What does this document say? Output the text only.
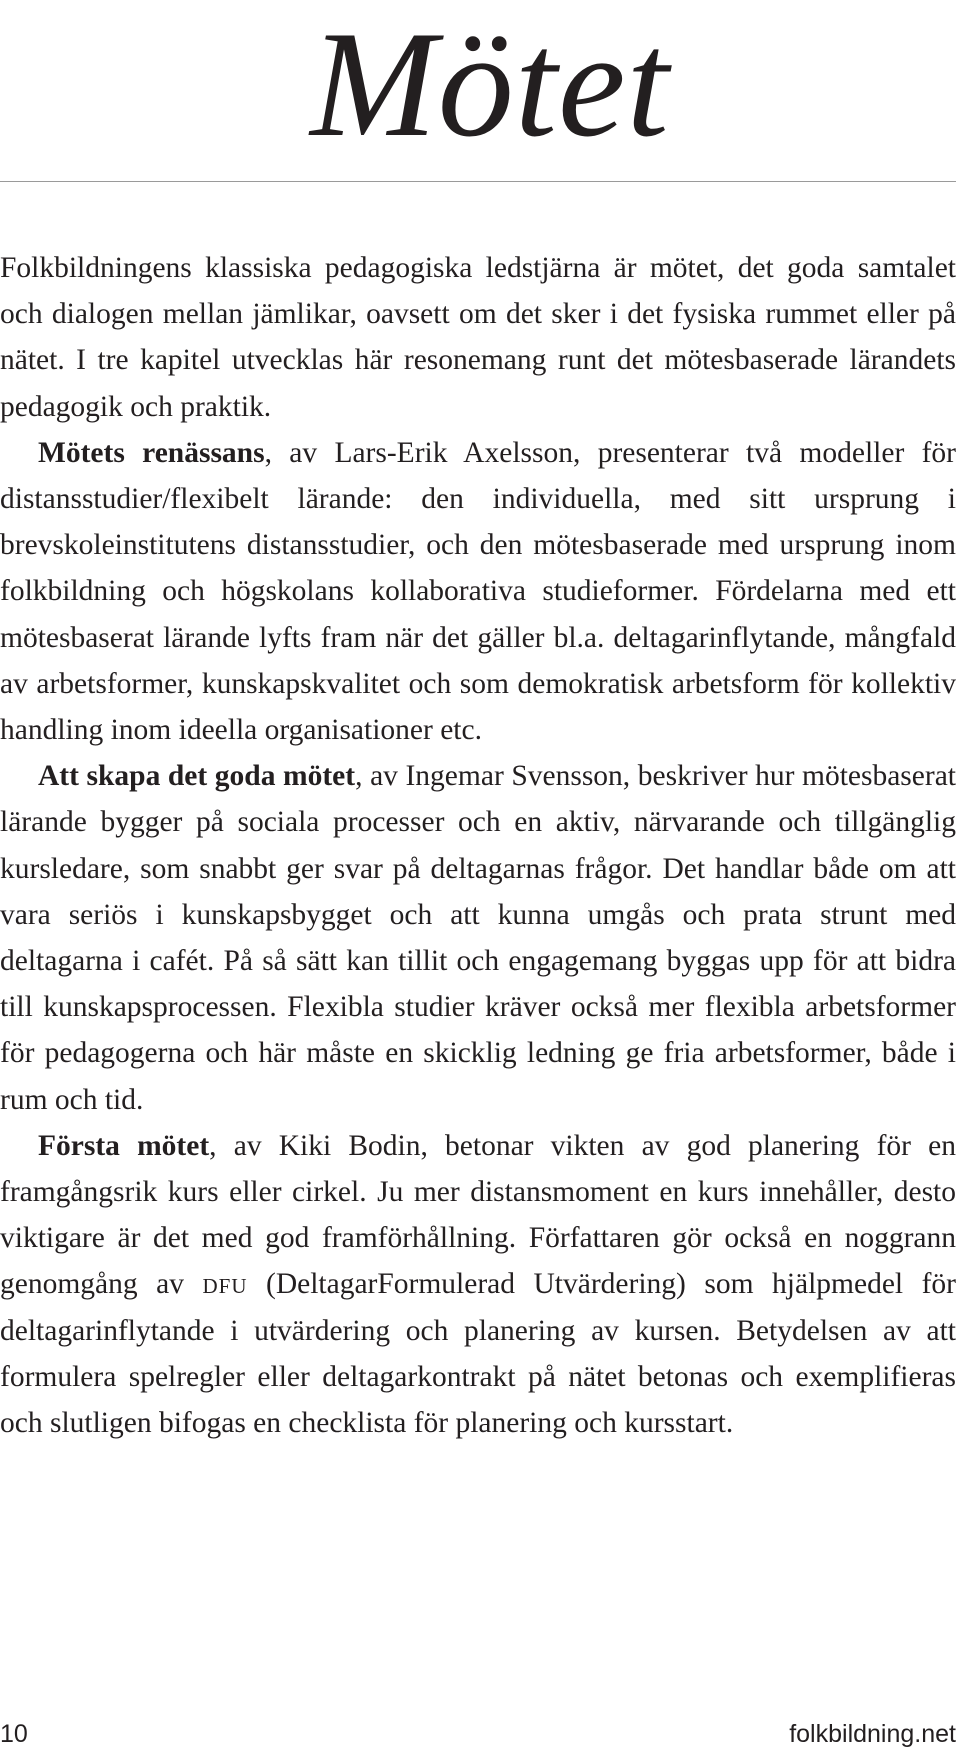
Mötet

Folkbildningens klassiska pedagogiska ledstjärna är mötet, det goda samtalet och dialogen mellan jämlikar, oavsett om det sker i det fysiska rummet eller på nätet. I tre kapitel utvecklas här resonemang runt det mötesbaserade lärandets pedagogik och praktik.

Mötets renässans, av Lars-Erik Axelsson, presenterar två modeller för distansstudier/flexibelt lärande: den individuella, med sitt ursprung i brevskoleinstitutens distansstudier, och den mötesbaserade med ursprung inom folkbildning och högskolans kollaborativa studieformer. Fördelarna med ett mötesbaserat lärande lyfts fram när det gäller bl.a. deltagarinflytande, mångfald av arbetsformer, kunskapskvalitet och som demokratisk arbetsform för kollektiv handling inom ideella organisationer etc.

Att skapa det goda mötet, av Ingemar Svensson, beskriver hur mötesbaserat lärande bygger på sociala processer och en aktiv, närvarande och tillgänglig kursledare, som snabbt ger svar på deltagarnas frågor. Det handlar både om att vara seriös i kunskapsbygget och att kunna umgås och prata strunt med deltagarna i cafét. På så sätt kan tillit och engagemang byggas upp för att bidra till kunskapsprocessen. Flexibla studier kräver också mer flexibla arbetsformer för pedagogerna och här måste en skicklig ledning ge fria arbetsformer, både i rum och tid.

Första mötet, av Kiki Bodin, betonar vikten av god planering för en framgångsrik kurs eller cirkel. Ju mer distansmoment en kurs innehåller, desto viktigare är det med god framförhållning. Författaren gör också en noggrann genomgång av dfu (DeltagarFormulerad Utvärdering) som hjälpmedel för deltagarinflytande i utvärdering och planering av kursen. Betydelsen av att formulera spelregler eller deltagarkontrakt på nätet betonas och exemplifieras och slutligen bifogas en checklista för planering och kursstart.

10	folkbildning.net
